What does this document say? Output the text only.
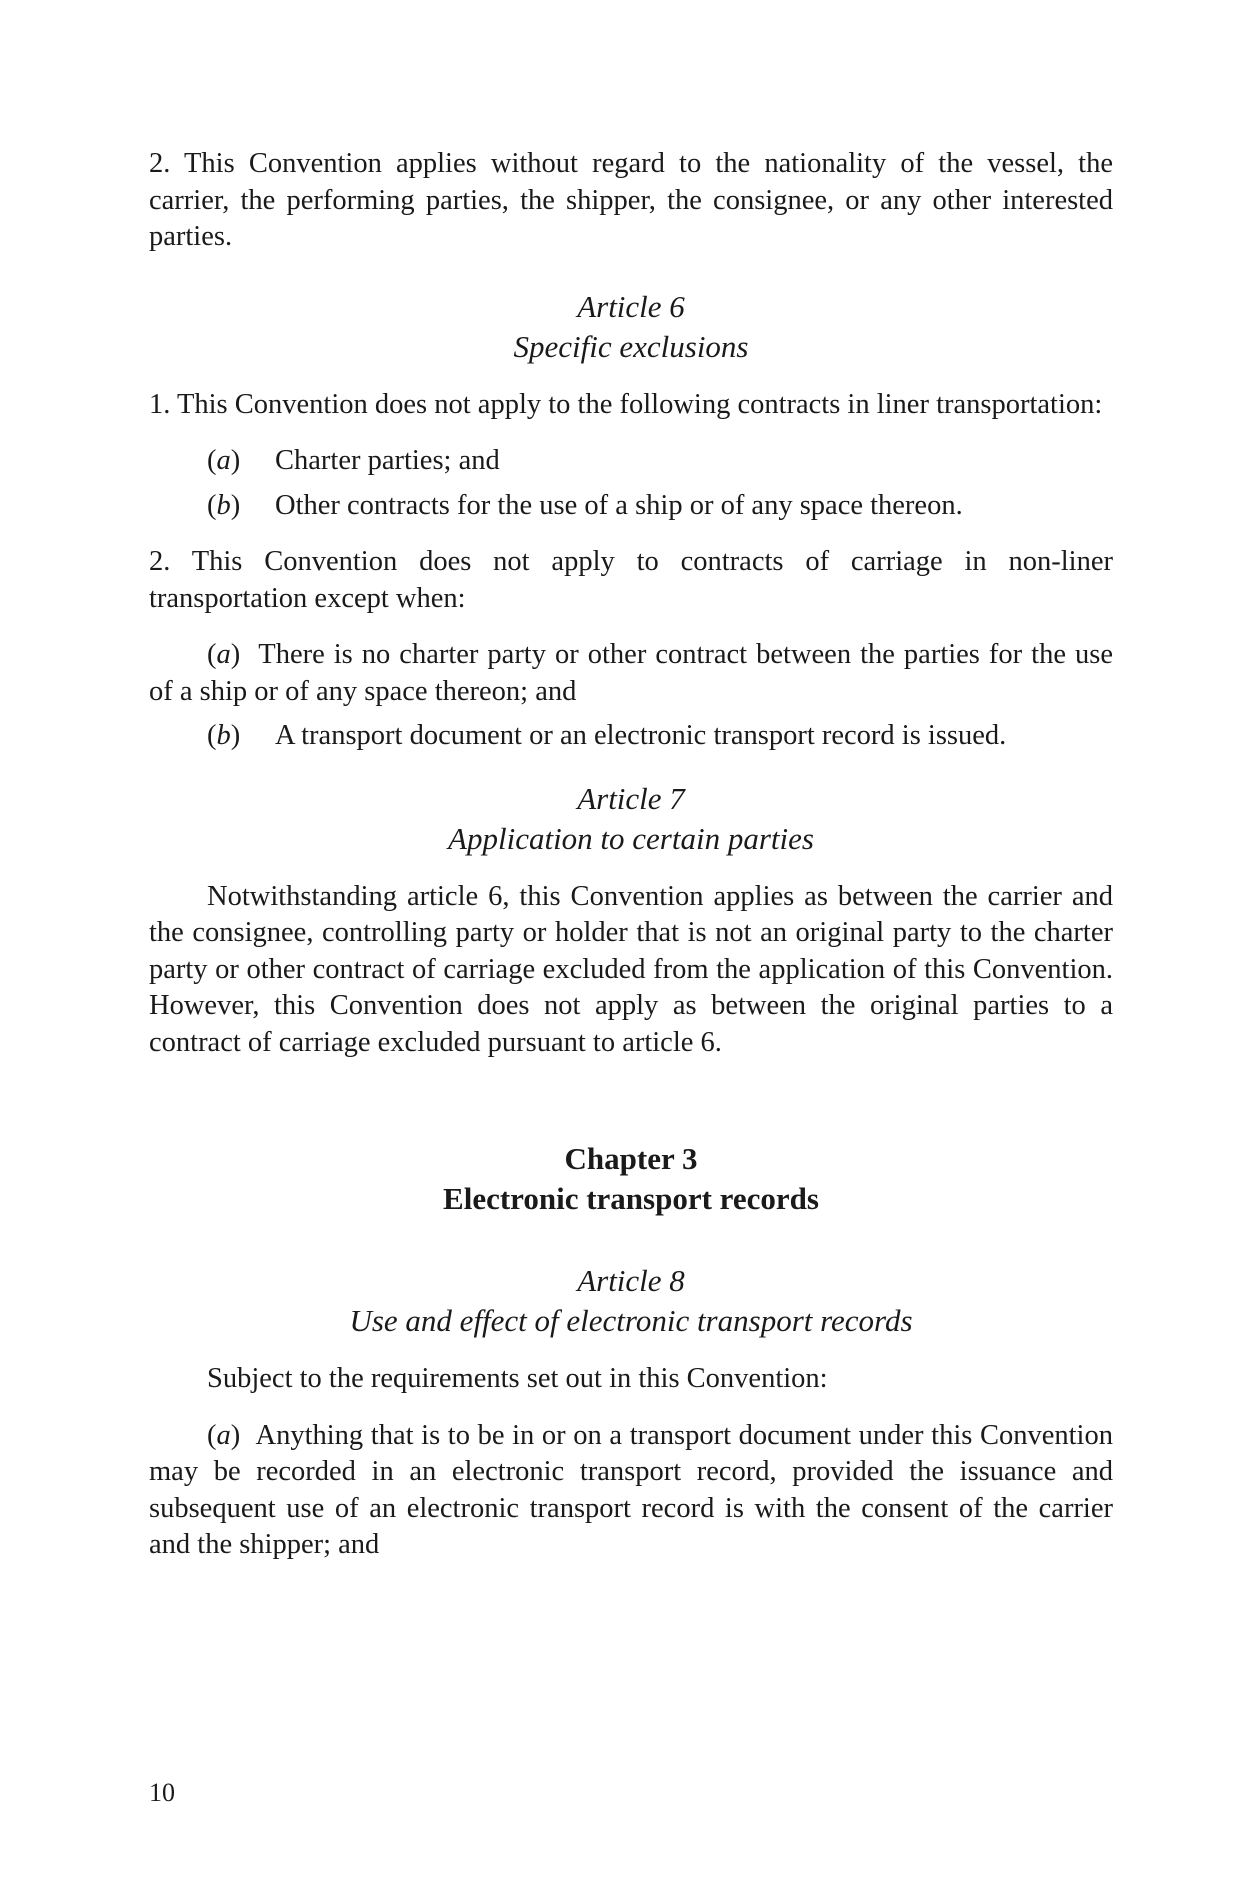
2. This Convention applies without regard to the nationality of the vessel, the carrier, the performing parties, the shipper, the consignee, or any other interested parties.

Article 6

Specific exclusions

1. This Convention does not apply to the following contracts in liner transportation:

(a)	Charter parties; and
(b)	Other contracts for the use of a ship or of any space thereon.

2. This Convention does not apply to contracts of carriage in non-liner transportation except when:

(a)  There is no charter party or other contract between the parties for the use of a ship or of any space thereon; and

(b)	A transport document or an electronic transport record is issued.

Article 7

Application to certain parties

Notwithstanding article 6, this Convention applies as between the carrier and the consignee, controlling party or holder that is not an original party to the charter party or other contract of carriage excluded from the application of this Convention. However, this Convention does not apply as between the original parties to a contract of carriage excluded pursuant to article 6.

Chapter 3

Electronic transport records

Article 8

Use and effect of electronic transport records

Subject to the requirements set out in this Convention:

(a)  Anything that is to be in or on a transport document under this Convention may be recorded in an electronic transport record, provided the issuance and subsequent use of an electronic transport record is with the consent of the carrier and the shipper; and

10
